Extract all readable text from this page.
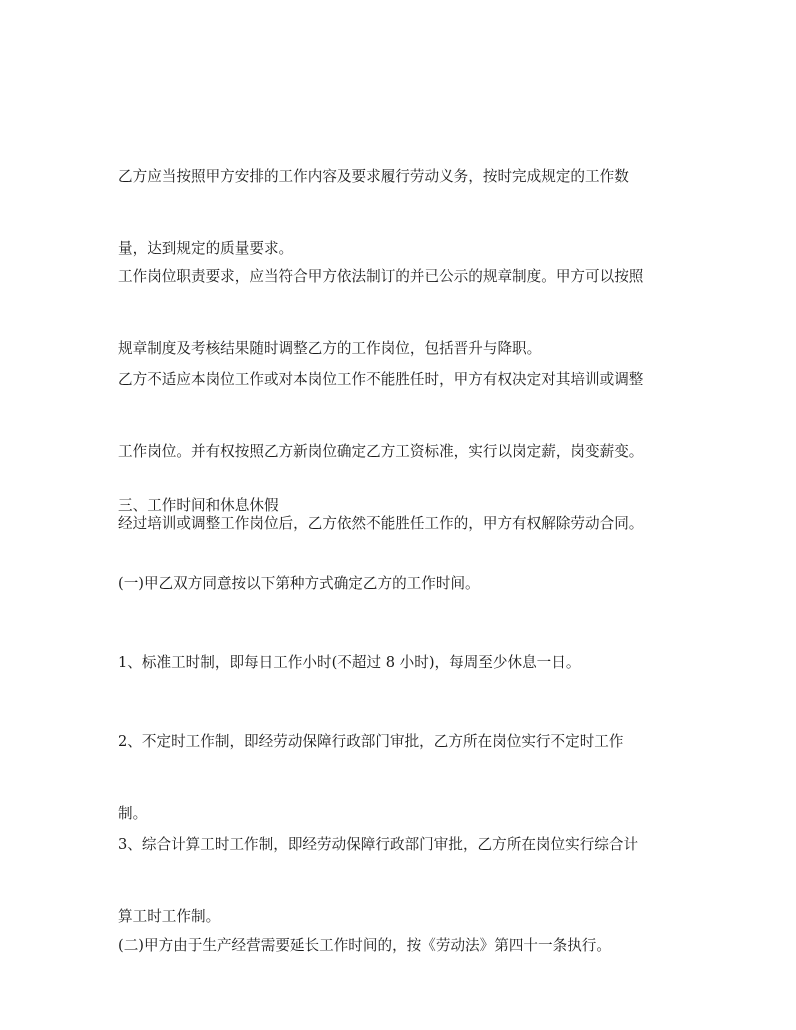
乙方应当按照甲方安排的工作内容及要求履行劳动义务，按时完成规定的工作数

量，达到规定的质量要求。

工作岗位职责要求，应当符合甲方依法制订的并已公示的规章制度。甲方可以按照

规章制度及考核结果随时调整乙方的工作岗位，包括晋升与降职。

乙方不适应本岗位工作或对本岗位工作不能胜任时，甲方有权决定对其培训或调整

工作岗位。并有权按照乙方新岗位确定乙方工资标准，实行以岗定薪，岗变薪变。

经过培训或调整工作岗位后，乙方依然不能胜任工作的，甲方有权解除劳动合同。

三、工作时间和休息休假

(一)甲乙双方同意按以下第种方式确定乙方的工作时间。

1、标准工时制，即每日工作小时(不超过 8 小时)，每周至少休息一日。

2、不定时工作制，即经劳动保障行政部门审批，乙方所在岗位实行不定时工作

制。

3、综合计算工时工作制，即经劳动保障行政部门审批，乙方所在岗位实行综合计

算工时工作制。

(二)甲方由于生产经营需要延长工作时间的，按《劳动法》第四十一条执行。
